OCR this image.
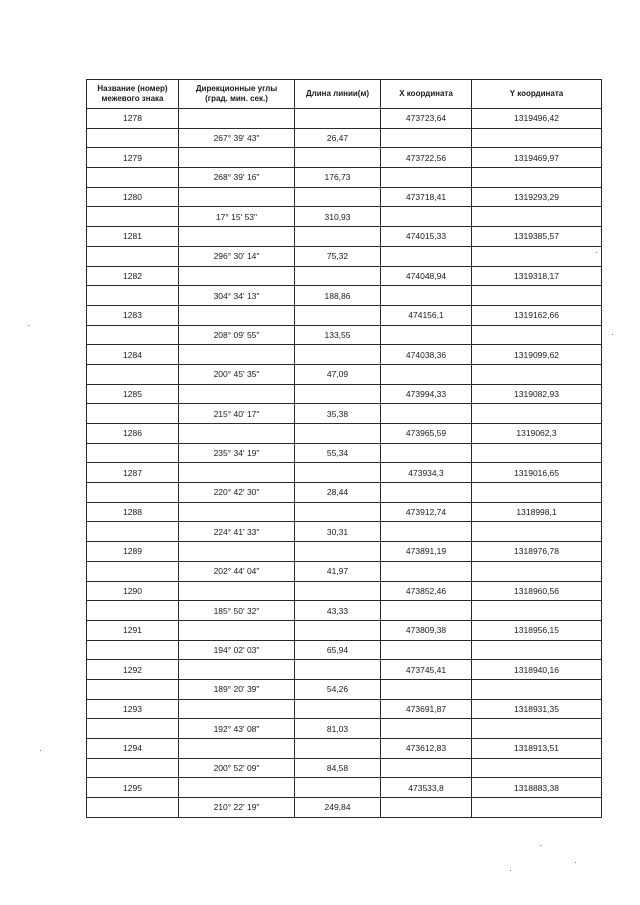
Название (номер)
межевого знака	Дирекционные углы
(град. мин. сек.)	Длина линии(м)	X координата	Y координата
1278			473723,64	1319496,42
	267° 39' 43"	26,47		
1279			473722,56	1319469,97
	268° 39' 16"	176,73		
1280			473718,41	1319293,29
	17° 15' 53"	310,93		
1281			474015,33	1319385,57
	296° 30' 14"	75,32		
1282			474048,94	1319318,17
	304° 34' 13"	188,86		
1283			474156,1	1319162,66
	208° 09' 55"	133,55		
1284			474038,36	1319099,62
	200° 45' 35"	47,09		
1285			473994,33	1319082,93
	215° 40' 17"	35,38		
1286			473965,59	1319062,3
	235° 34' 19"	55,34		
1287			473934,3	1319016,65
	220° 42' 30"	28,44		
1288			473912,74	1318998,1
	224° 41' 33"	30,31		
1289			473891,19	1318976,78
	202° 44' 04"	41,97		
1290			473852,46	1318960,56
	185° 50' 32"	43,33		
1291			473809,38	1318956,15
	194° 02' 03"	65,94		
1292			473745,41	1318940,16
	189° 20' 39"	54,26		
1293			473691,87	1318931,35
	192° 43' 08"	81,03		
1294			473612,83	1318913,51
	200° 52' 09"	84,58		
1295			473533,8	1318883,38
	210° 22' 19"	249,84		
